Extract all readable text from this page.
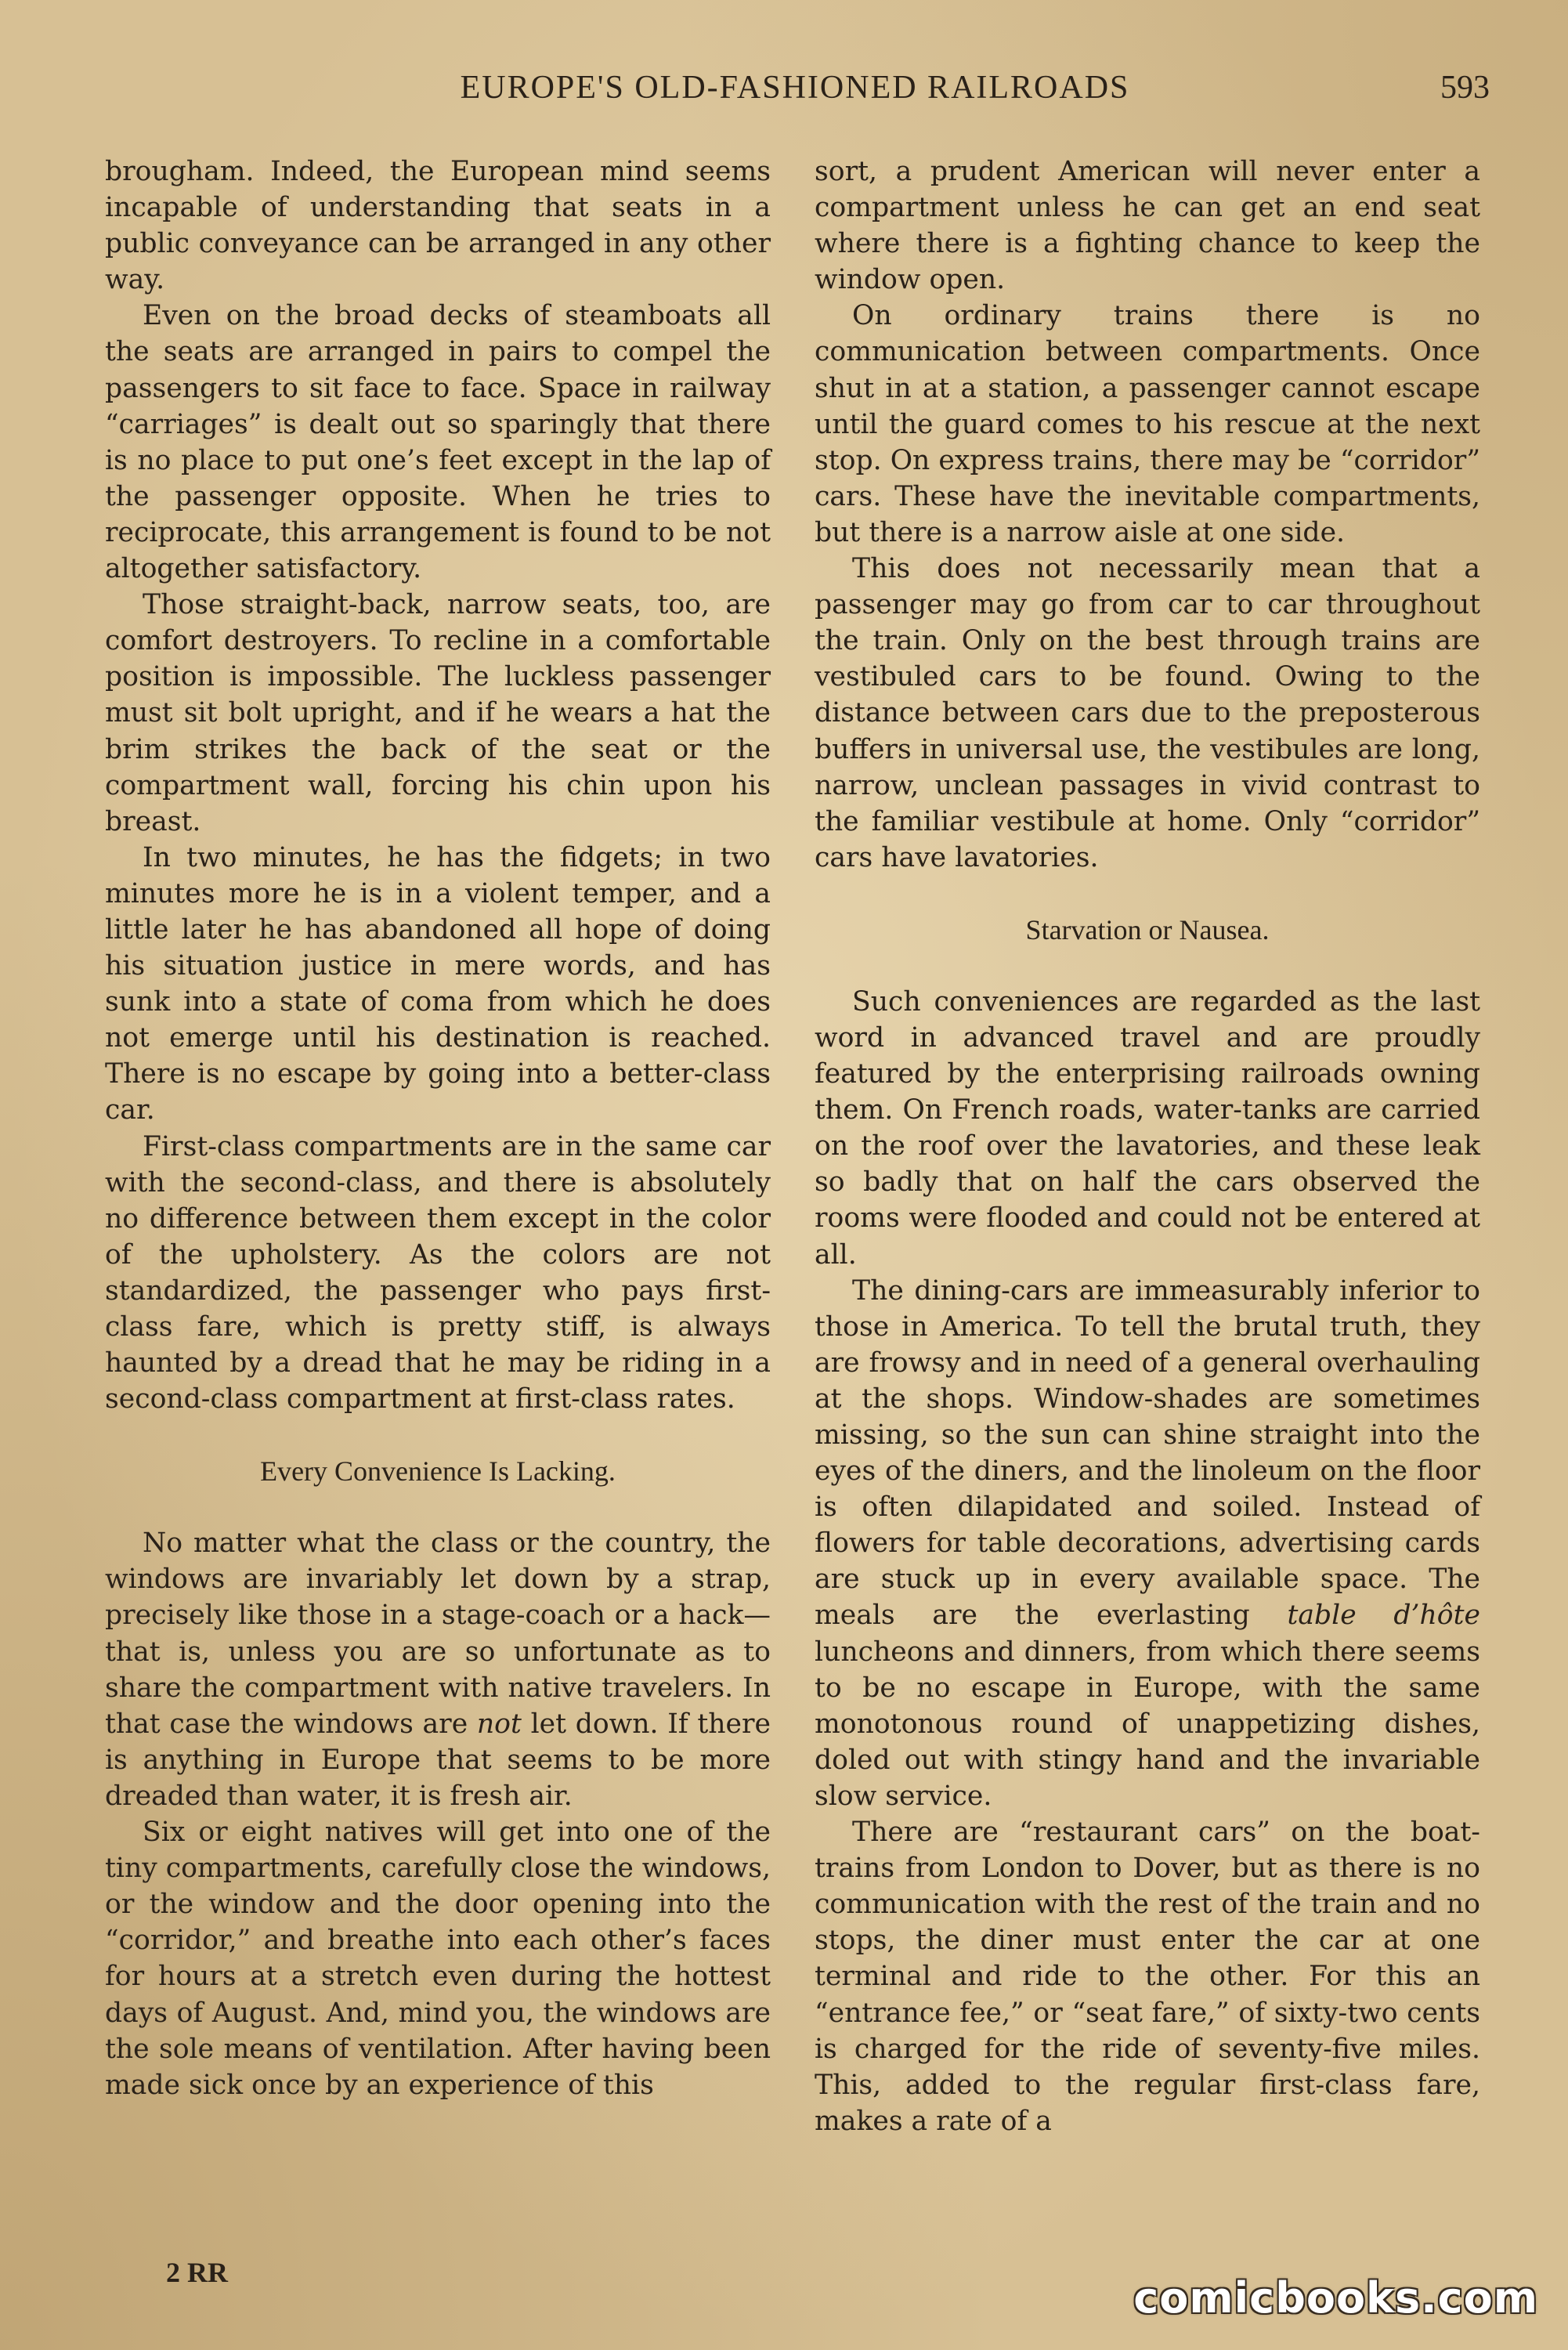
EUROPE'S OLD-FASHIONED RAILROADS	593

brougham. Indeed, the European mind seems incapable of understanding that seats in a public conveyance can be arranged in any other way.

Even on the broad decks of steamboats all the seats are arranged in pairs to compel the passengers to sit face to face. Space in railway “carriages” is dealt out so sparingly that there is no place to put one’s feet except in the lap of the passenger opposite. When he tries to reciprocate, this arrangement is found to be not altogether satisfactory.

Those straight-back, narrow seats, too, are comfort destroyers. To recline in a comfortable position is impossible. The luckless passenger must sit bolt upright, and if he wears a hat the brim strikes the back of the seat or the compartment wall, forcing his chin upon his breast.

In two minutes, he has the fidgets; in two minutes more he is in a violent temper, and a little later he has abandoned all hope of doing his situation justice in mere words, and has sunk into a state of coma from which he does not emerge until his destination is reached. There is no escape by going into a better-class car.

First-class compartments are in the same car with the second-class, and there is absolutely no difference between them except in the color of the upholstery. As the colors are not standardized, the passenger who pays first-class fare, which is pretty stiff, is always haunted by a dread that he may be riding in a second-class compartment at first-class rates.

Every Convenience Is Lacking.

No matter what the class or the country, the windows are invariably let down by a strap, precisely like those in a stage-coach or a hack—that is, unless you are so unfortunate as to share the compartment with native travelers. In that case the windows are not let down. If there is anything in Europe that seems to be more dreaded than water, it is fresh air.

Six or eight natives will get into one of the tiny compartments, carefully close the windows, or the window and the door opening into the “corridor,” and breathe into each other’s faces for hours at a stretch even during the hottest days of August. And, mind you, the windows are the sole means of ventilation. After having been made sick once by an experience of this

sort, a prudent American will never enter a compartment unless he can get an end seat where there is a fighting chance to keep the window open.

On ordinary trains there is no communication between compartments. Once shut in at a station, a passenger cannot escape until the guard comes to his rescue at the next stop. On express trains, there may be “corridor” cars. These have the inevitable compartments, but there is a narrow aisle at one side.

This does not necessarily mean that a passenger may go from car to car throughout the train. Only on the best through trains are vestibuled cars to be found. Owing to the distance between cars due to the preposterous buffers in universal use, the vestibules are long, narrow, unclean passages in vivid contrast to the familiar vestibule at home. Only “corridor” cars have lavatories.

Starvation or Nausea.

Such conveniences are regarded as the last word in advanced travel and are proudly featured by the enterprising railroads owning them. On French roads, water-tanks are carried on the roof over the lavatories, and these leak so badly that on half the cars observed the rooms were flooded and could not be entered at all.

The dining-cars are immeasurably inferior to those in America. To tell the brutal truth, they are frowsy and in need of a general overhauling at the shops. Window-shades are sometimes missing, so the sun can shine straight into the eyes of the diners, and the linoleum on the floor is often dilapidated and soiled. Instead of flowers for table decorations, advertising cards are stuck up in every available space. The meals are the everlasting table d’hôte luncheons and dinners, from which there seems to be no escape in Europe, with the same monotonous round of unappetizing dishes, doled out with stingy hand and the invariable slow service.

There are “restaurant cars” on the boat-trains from London to Dover, but as there is no communication with the rest of the train and no stops, the diner must enter the car at one terminal and ride to the other. For this an “entrance fee,” or “seat fare,” of sixty-two cents is charged for the ride of seventy-five miles. This, added to the regular first-class fare, makes a rate of a

2 RR
comicbooks.com
